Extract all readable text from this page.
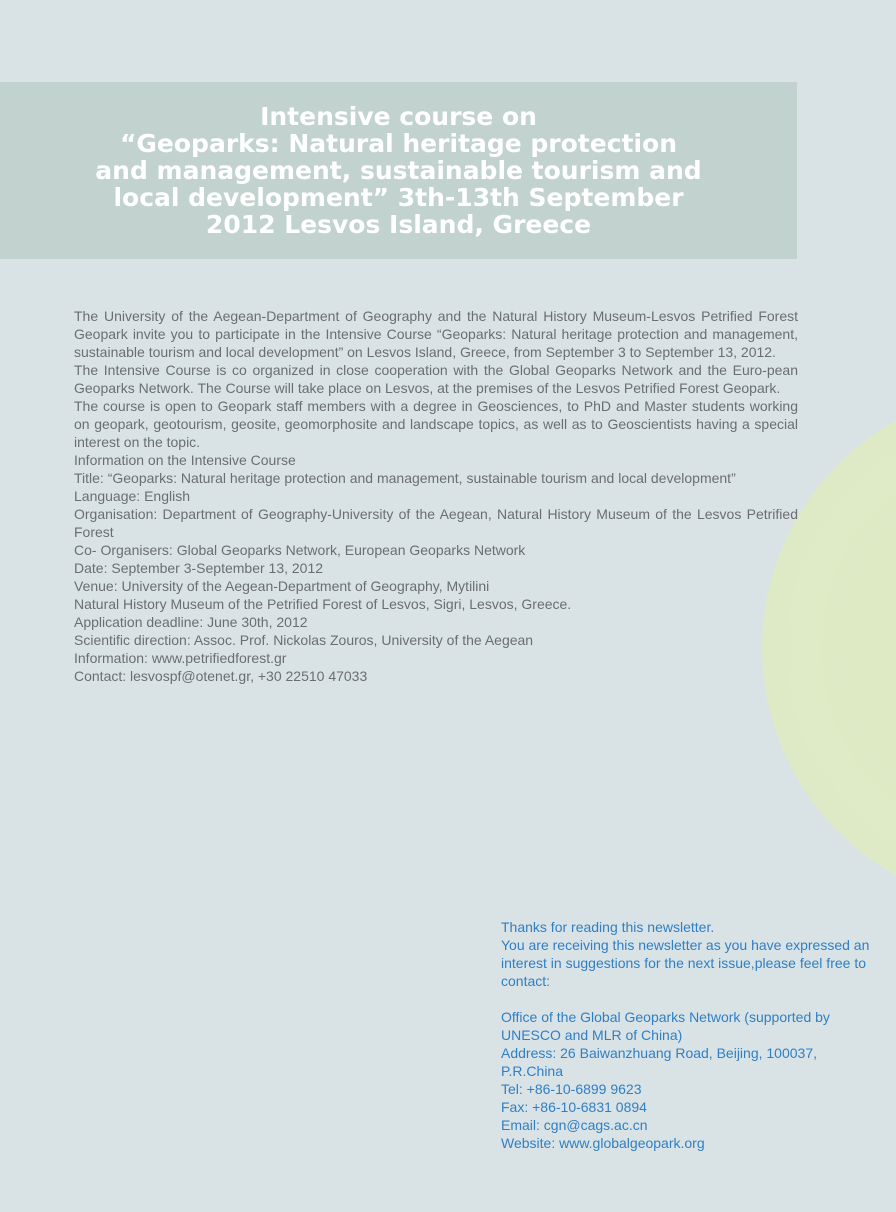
Intensive course on
“Geoparks: Natural heritage protection
and management, sustainable tourism and
local development” 3th-13th September
2012 Lesvos Island, Greece

The University of the Aegean-Department of Geography and the Natural History Museum-Lesvos Petrified Forest Geopark invite you to participate in the Intensive Course “Geoparks: Natural heritage protection and management, sustainable tourism and local development” on Lesvos Island, Greece, from September 3 to September 13, 2012.

The Intensive Course is co organized in close cooperation with the Global Geoparks Network and the Euro-pean Geoparks Network. The Course will take place on Lesvos, at the premises of the Lesvos Petrified Forest Geopark.

The course is open to Geopark staff members with a degree in Geosciences, to PhD and Master students working on geopark, geotourism, geosite, geomorphosite and landscape topics, as well as to Geoscientists having a special interest on the topic.

Information on the Intensive Course
Title: “Geoparks: Natural heritage protection and management, sustainable tourism and local development”
Language: English

Organisation: Department of Geography-University of the Aegean, Natural History Museum of the Lesvos Petrified Forest

Co- Organisers: Global Geoparks Network, European Geoparks Network
Date: September 3-September 13, 2012
Venue: University of the Aegean-Department of Geography, Mytilini
Natural History Museum of the Petrified Forest of Lesvos, Sigri, Lesvos, Greece.
Application deadline: June 30th, 2012
Scientific direction: Assoc. Prof. Nickolas Zouros, University of the Aegean
Information: www.petrifiedforest.gr
Contact: lesvospf@otenet.gr, +30 22510 47033
Thanks for reading this newsletter.
You are receiving this newsletter as you have expressed an interest in suggestions for the next issue,please feel free to contact:
Office of the Global Geoparks Network (supported by UNESCO and MLR of China)
Address: 26 Baiwanzhuang Road, Beijing, 100037, P.R.China
Tel: +86-10-6899 9623
Fax: +86-10-6831 0894
Email: cgn@cags.ac.cn
Website: www.globalgeopark.org
